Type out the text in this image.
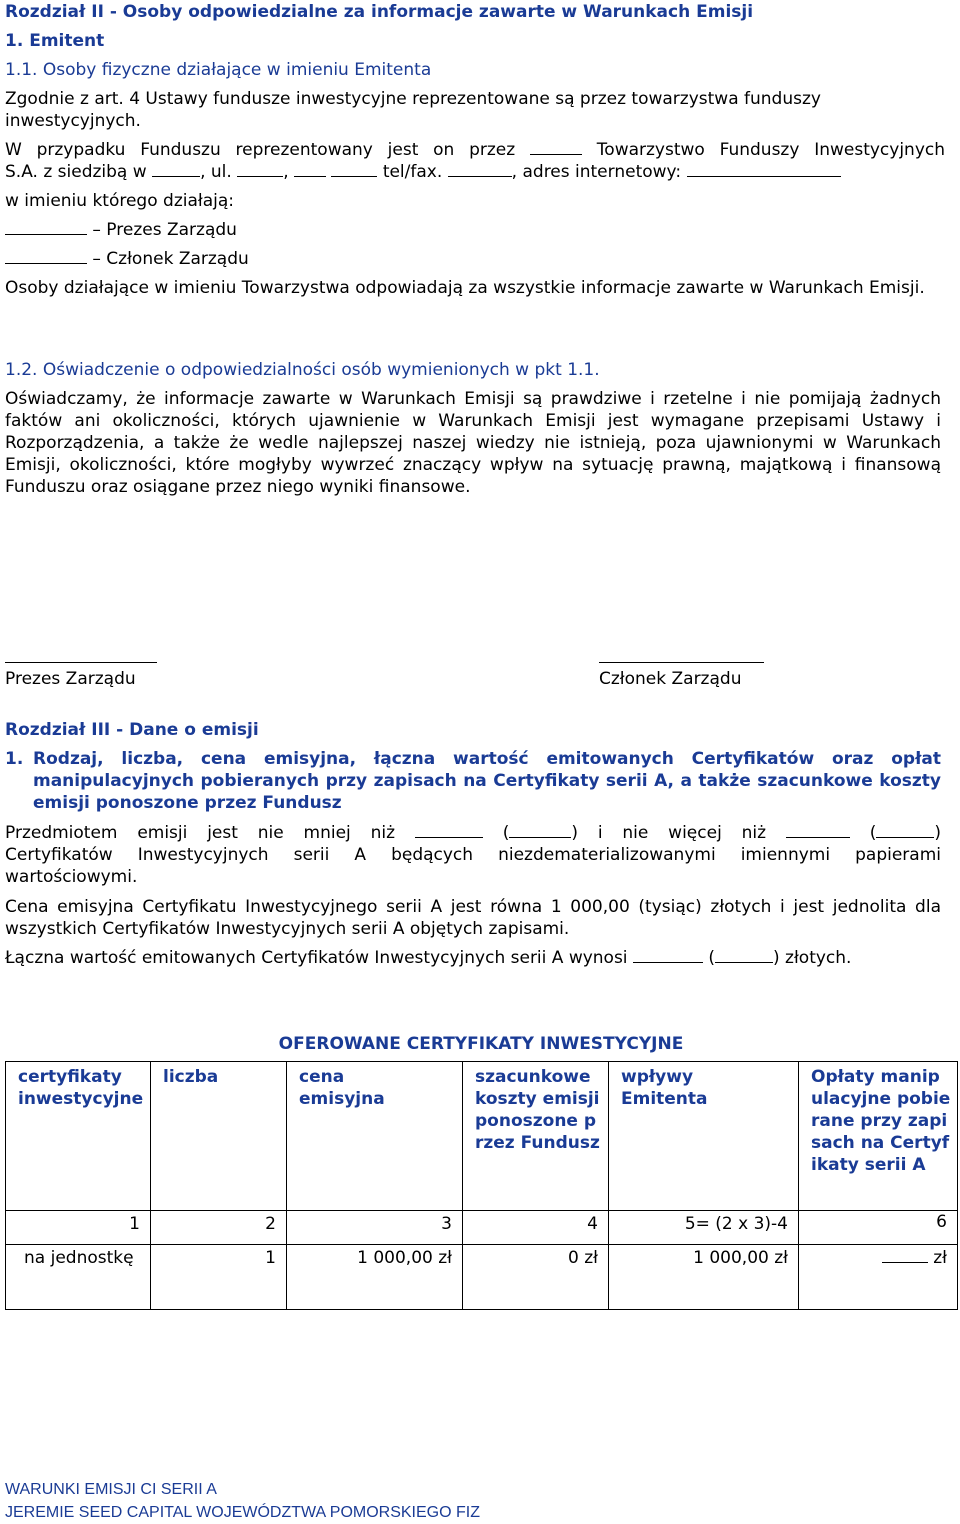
Rozdział II - Osoby odpowiedzialne za informacje zawarte w Warunkach Emisji
1. Emitent
1.1. Osoby fizyczne działające w imieniu Emitenta
Zgodnie z art. 4 Ustawy fundusze inwestycyjne reprezentowane są przez towarzystwa funduszy inwestycyjnych.
W przypadku Funduszu reprezentowany jest on przez	Towarzystwo Funduszy Inwestycyjnych
S.A. z siedzibą w	, ul.	,	tel/fax.	, adres internetowy:
w imieniu którego działają:
– Prezes Zarządu
– Członek Zarządu
Osoby działające w imieniu Towarzystwa odpowiadają za wszystkie informacje zawarte w Warunkach Emisji.
1.2. Oświadczenie o odpowiedzialności osób wymienionych w pkt 1.1.
Oświadczamy, że informacje zawarte w Warunkach Emisji są prawdziwe i rzetelne i nie pomijają żadnych faktów ani okoliczności, których ujawnienie w Warunkach Emisji jest wymagane przepisami Ustawy i Rozporządzenia, a także że wedle najlepszej naszej wiedzy nie istnieją, poza ujawnionymi w Warunkach Emisji, okoliczności, które mogłyby wywrzeć znaczący wpływ na sytuację prawną, majątkową i finansową Funduszu oraz osiągane przez niego wyniki finansowe.
Prezes Zarządu	Członek Zarządu
Rozdział III - Dane o emisji
1. Rodzaj, liczba, cena emisyjna, łączna wartość emitowanych Certyfikatów oraz opłat manipulacyjnych pobieranych przy zapisach na Certyfikaty serii A, a także szacunkowe koszty emisji ponoszone przez Fundusz
Przedmiotem emisji jest nie mniej niż	(	) i nie więcej niż	(	)
Certyfikatów Inwestycyjnych serii A będących niezdematerializowanymi imiennymi papierami wartościowymi.
Cena emisyjna Certyfikatu Inwestycyjnego serii A jest równa 1 000,00 (tysiąc) złotych i jest jednolita dla wszystkich Certyfikatów Inwestycyjnych serii A objętych zapisami.
Łączna wartość emitowanych Certyfikatów Inwestycyjnych serii A wynosi	(	) złotych.
OFEROWANE CERTYFIKATY INWESTYCYJNE
certyfikaty inwestycyjne	liczba	cena emisyjna	szacunkowe koszty emisji ponoszone przez Fundusz	wpływy Emitenta	Opłaty manipulacyjne pobierane przy zapisach na Certyfikaty serii A

1	2	3	4	5= (2 x 3)-4	6
na jednostkę	1	1 000,00 zł	0 zł	1 000,00 zł	zł
WARUNKI EMISJI CI SERII A
JEREMIE SEED CAPITAL WOJEWÓDZTWA POMORSKIEGO FIZ
